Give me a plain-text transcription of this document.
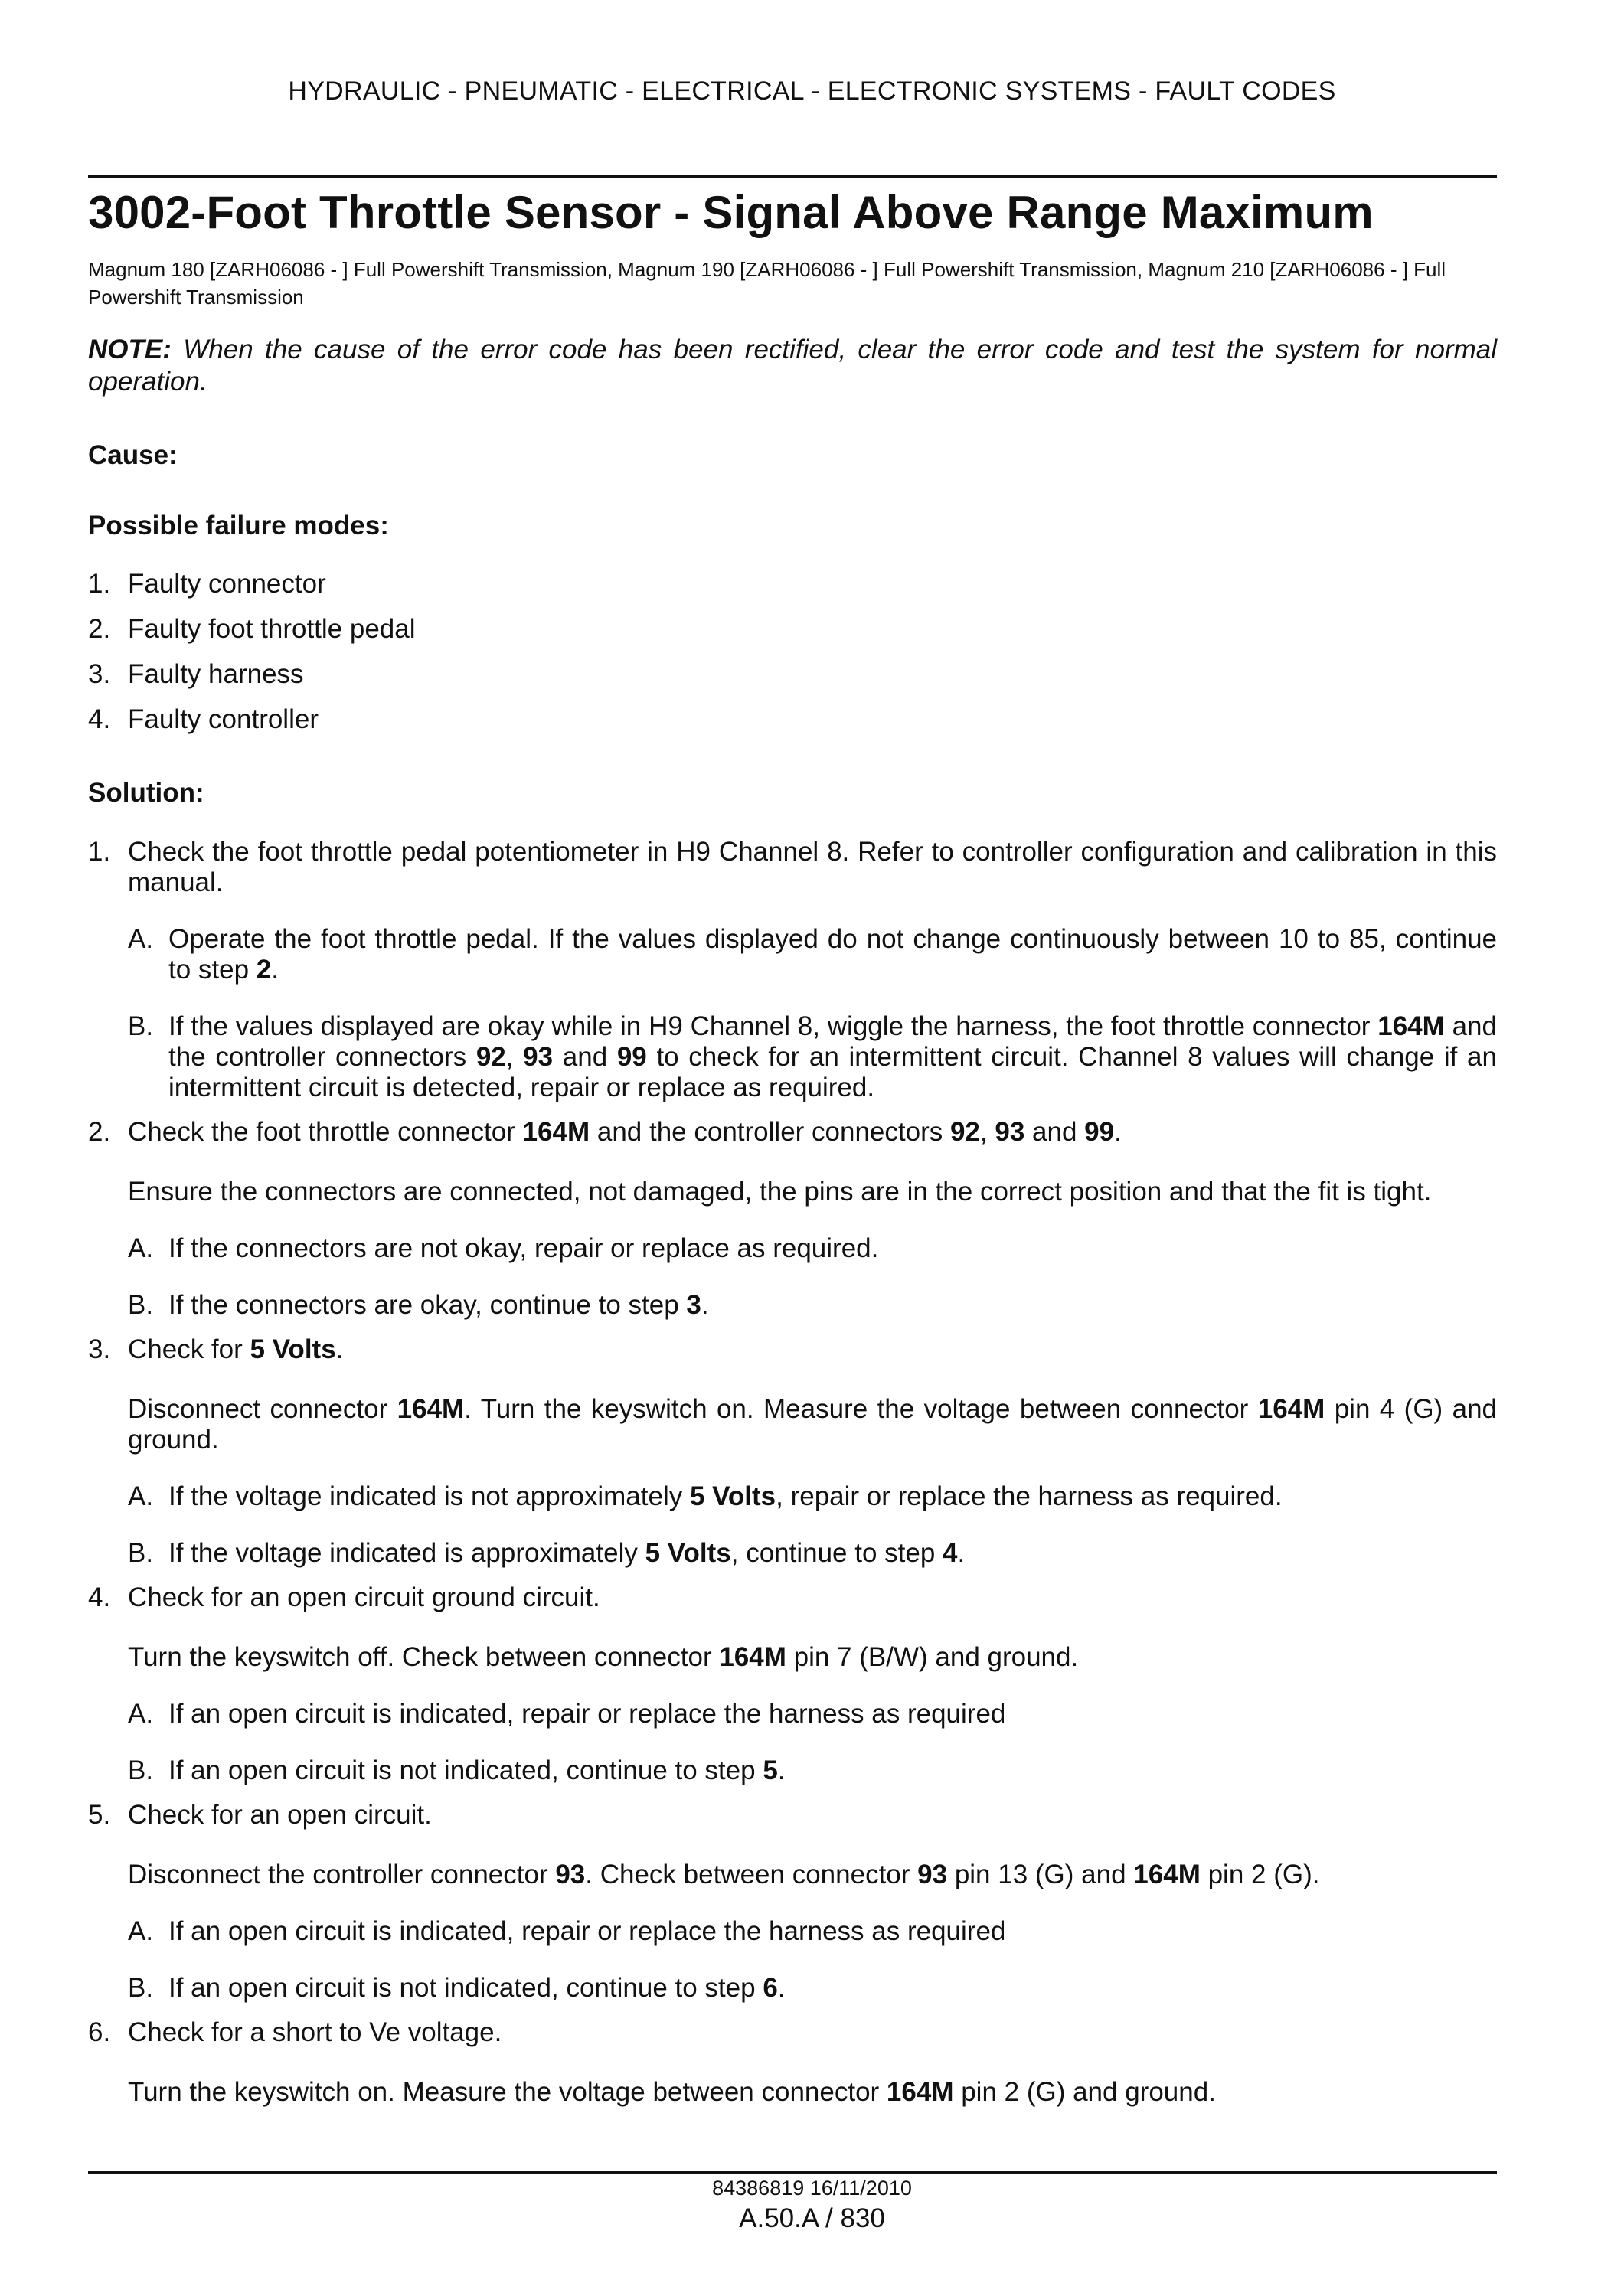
HYDRAULIC - PNEUMATIC - ELECTRICAL - ELECTRONIC SYSTEMS - FAULT CODES
3002-Foot Throttle Sensor - Signal Above Range Maximum

Magnum 180 [ZARH06086 - ] Full Powershift Transmission, Magnum 190 [ZARH06086 - ] Full Powershift Transmission, Magnum 210 [ZARH06086 - ] Full Powershift Transmission

NOTE: When the cause of the error code has been rectified, clear the error code and test the system for normal operation.

Cause:
Possible failure modes:
1. Faulty connector
2. Faulty foot throttle pedal
3. Faulty harness
4. Faulty controller
Solution:
1. Check the foot throttle pedal potentiometer in H9 Channel 8. Refer to controller configuration and calibration in this manual.
A. Operate the foot throttle pedal. If the values displayed do not change continuously between 10 to 85, continue to step 2.
B. If the values displayed are okay while in H9 Channel 8, wiggle the harness, the foot throttle connector 164M and the controller connectors 92, 93 and 99 to check for an intermittent circuit. Channel 8 values will change if an intermittent circuit is detected, repair or replace as required.
2. Check the foot throttle connector 164M and the controller connectors 92, 93 and 99.
Ensure the connectors are connected, not damaged, the pins are in the correct position and that the fit is tight.
A. If the connectors are not okay, repair or replace as required.
B. If the connectors are okay, continue to step 3.
3. Check for 5 Volts.
Disconnect connector 164M. Turn the keyswitch on. Measure the voltage between connector 164M pin 4 (G) and ground.
A. If the voltage indicated is not approximately 5 Volts, repair or replace the harness as required.
B. If the voltage indicated is approximately 5 Volts, continue to step 4.
4. Check for an open circuit ground circuit.
Turn the keyswitch off. Check between connector 164M pin 7 (B/W) and ground.
A. If an open circuit is indicated, repair or replace the harness as required
B. If an open circuit is not indicated, continue to step 5.
5. Check for an open circuit.
Disconnect the controller connector 93. Check between connector 93 pin 13 (G) and 164M pin 2 (G).
A. If an open circuit is indicated, repair or replace the harness as required
B. If an open circuit is not indicated, continue to step 6.
6. Check for a short to Ve voltage.
Turn the keyswitch on. Measure the voltage between connector 164M pin 2 (G) and ground.
84386819 16/11/2010
A.50.A / 830
